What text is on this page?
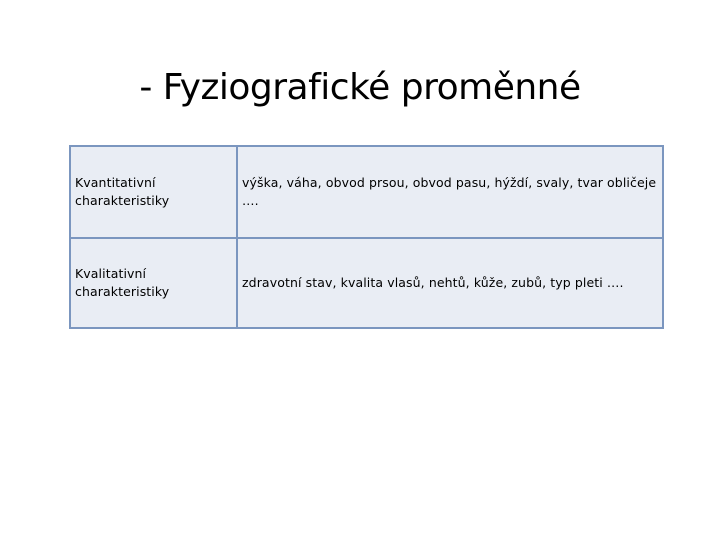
- Fyziografické proměnné
Kvantitativní charakteristiky	výška, váha, obvod prsou, obvod pasu, hýždí, svaly, tvar obličeje ….

Kvalitativní charakteristiky	zdravotní stav, kvalita vlasů, nehtů, kůže, zubů, typ pleti ….
